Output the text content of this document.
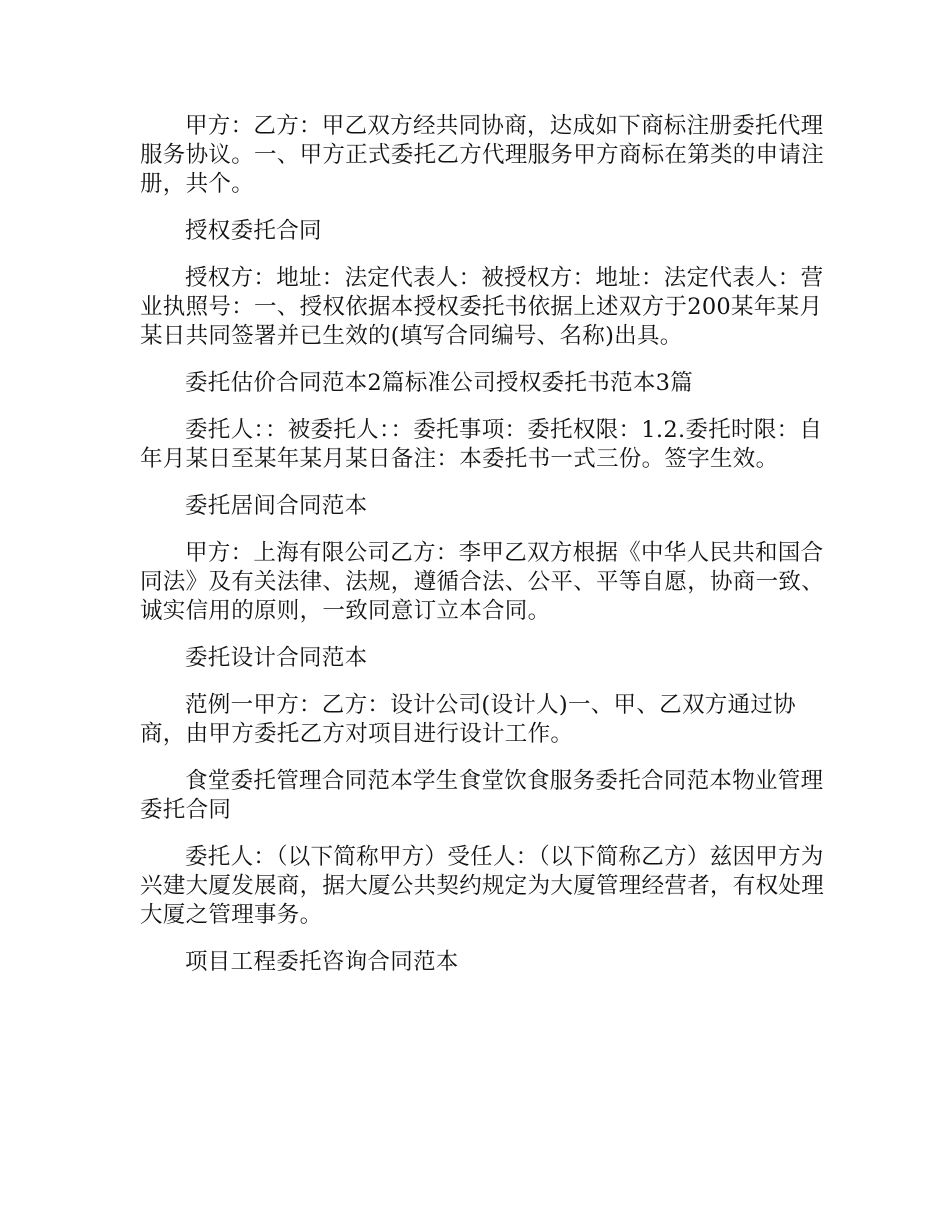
甲方：乙方：甲乙双方经共同协商，达成如下商标注册委托代理服务协议。一、甲方正式委托乙方代理服务甲方商标在第类的申请注册，共个。

授权委托合同

授权方：地址：法定代表人：被授权方：地址：法定代表人：营业执照号：一、授权依据本授权委托书依据上述双方于200某年某月某日共同签署并已生效的(填写合同编号、名称)出具。

委托估价合同范本2篇标准公司授权委托书范本3篇

委托人：：被委托人：：委托事项：委托权限：1.2.委托时限：自年月某日至某年某月某日备注：本委托书一式三份。签字生效。

委托居间合同范本

甲方：上海有限公司乙方：李甲乙双方根据《中华人民共和国合同法》及有关法律、法规，遵循合法、公平、平等自愿，协商一致、诚实信用的原则，一致同意订立本合同。

委托设计合同范本

范例一甲方：乙方：设计公司(设计人)一、甲、乙双方通过协商，由甲方委托乙方对项目进行设计工作。

食堂委托管理合同范本学生食堂饮食服务委托合同范本物业管理委托合同

委托人：（以下简称甲方）受任人：（以下简称乙方）兹因甲方为兴建大厦发展商，据大厦公共契约规定为大厦管理经营者，有权处理大厦之管理事务。

项目工程委托咨询合同范本
